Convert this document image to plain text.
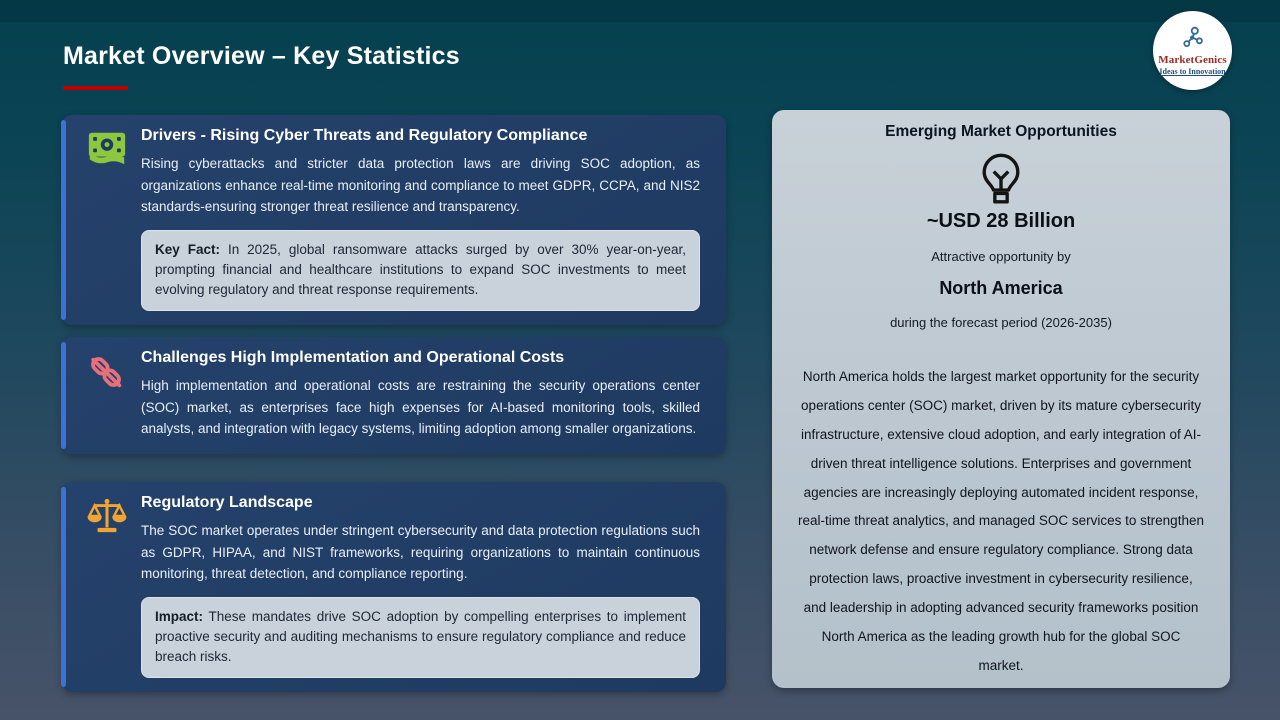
Market Overview – Key Statistics	MarketGenics
Ideas to Innovation
Drivers - Rising Cyber Threats and Regulatory Compliance
Rising cyberattacks and stricter data protection laws are driving SOC adoption, as organizations enhance real-time monitoring and compliance to meet GDPR, CCPA, and NIS2 standards-ensuring stronger threat resilience and transparency.
Key Fact: In 2025, global ransomware attacks surged by over 30% year-on-year, prompting financial and healthcare institutions to expand SOC investments to meet evolving regulatory and threat response requirements.
Challenges High Implementation and Operational Costs
High implementation and operational costs are restraining the security operations center (SOC) market, as enterprises face high expenses for AI-based monitoring tools, skilled analysts, and integration with legacy systems, limiting adoption among smaller organizations.
Regulatory Landscape
The SOC market operates under stringent cybersecurity and data protection regulations such as GDPR, HIPAA, and NIST frameworks, requiring organizations to maintain continuous monitoring, threat detection, and compliance reporting.
Impact: These mandates drive SOC adoption by compelling enterprises to implement proactive security and auditing mechanisms to ensure regulatory compliance and reduce breach risks.
Emerging Market Opportunities
~USD 28 Billion
Attractive opportunity by
North America
during the forecast period (2026-2035)
North America holds the largest market opportunity for the security operations center (SOC) market, driven by its mature cybersecurity infrastructure, extensive cloud adoption, and early integration of AI-driven threat intelligence solutions. Enterprises and government agencies are increasingly deploying automated incident response, real-time threat analytics, and managed SOC services to strengthen network defense and ensure regulatory compliance. Strong data protection laws, proactive investment in cybersecurity resilience, and leadership in adopting advanced security frameworks position North America as the leading growth hub for the global SOC market.
